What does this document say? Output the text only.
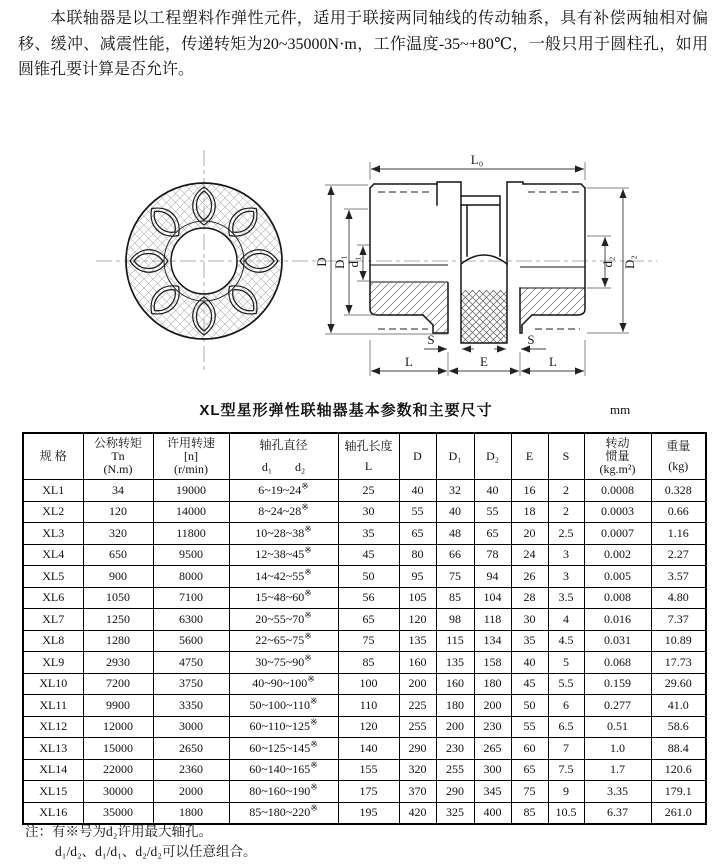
本联轴器是以工程塑料作弹性元件，适用于联接两同轴线的传动轴系，具有补偿两轴相对偏移、缓冲、减震性能，传递转矩为20~35000N·m，工作温度-35~+80℃，一般只用于圆柱孔，如用圆锥孔要计算是否允许。

L₀
D D₁ d₁	d₂ D₂
S	S
L	E	L
XL型星形弹性联轴器基本参数和主要尺寸	mm
规 格

公称转矩
Tn
(N.m)

许用转速
[n]
(r/min)

轴孔直径
d₁ d₂

轴孔长度
L
	D	D₁	D₂	E	S	
转动
惯量
(kg.m²)

重量
(kg)

XL1	34	19000	6~19~24※	25	40	32	40	16	2	0.0008	0.328
XL2	120	14000	8~24~28※	30	55	40	55	18	2	0.0003	0.66
XL3	320	11800	10~28~38※	35	65	48	65	20	2.5	0.0007	1.16
XL4	650	9500	12~38~45※	45	80	66	78	24	3	0.002	2.27
XL5	900	8000	14~42~55※	50	95	75	94	26	3	0.005	3.57
XL6	1050	7100	15~48~60※	56	105	85	104	28	3.5	0.008	4.80
XL7	1250	6300	20~55~70※	65	120	98	118	30	4	0.016	7.37
XL8	1280	5600	22~65~75※	75	135	115	134	35	4.5	0.031	10.89
XL9	2930	4750	30~75~90※	85	160	135	158	40	5	0.068	17.73
XL10	7200	3750	40~90~100※	100	200	160	180	45	5.5	0.159	29.60
XL11	9900	3350	50~100~110※	110	225	180	200	50	6	0.277	41.0
XL12	12000	3000	60~110~125※	120	255	200	230	55	6.5	0.51	58.6
XL13	15000	2650	60~125~145※	140	290	230	265	60	7	1.0	88.4
XL14	22000	2360	60~140~165※	155	320	255	300	65	7.5	1.7	120.6
XL15	30000	2000	80~160~190※	175	370	290	345	75	9	3.35	179.1
XL16	35000	1800	85~180~220※	195	420	325	400	85	10.5	6.37	261.0
注：有※号为d₂许用最大轴孔。
d₁/d₂、d₁/d₁、d₂/d₂可以任意组合。
